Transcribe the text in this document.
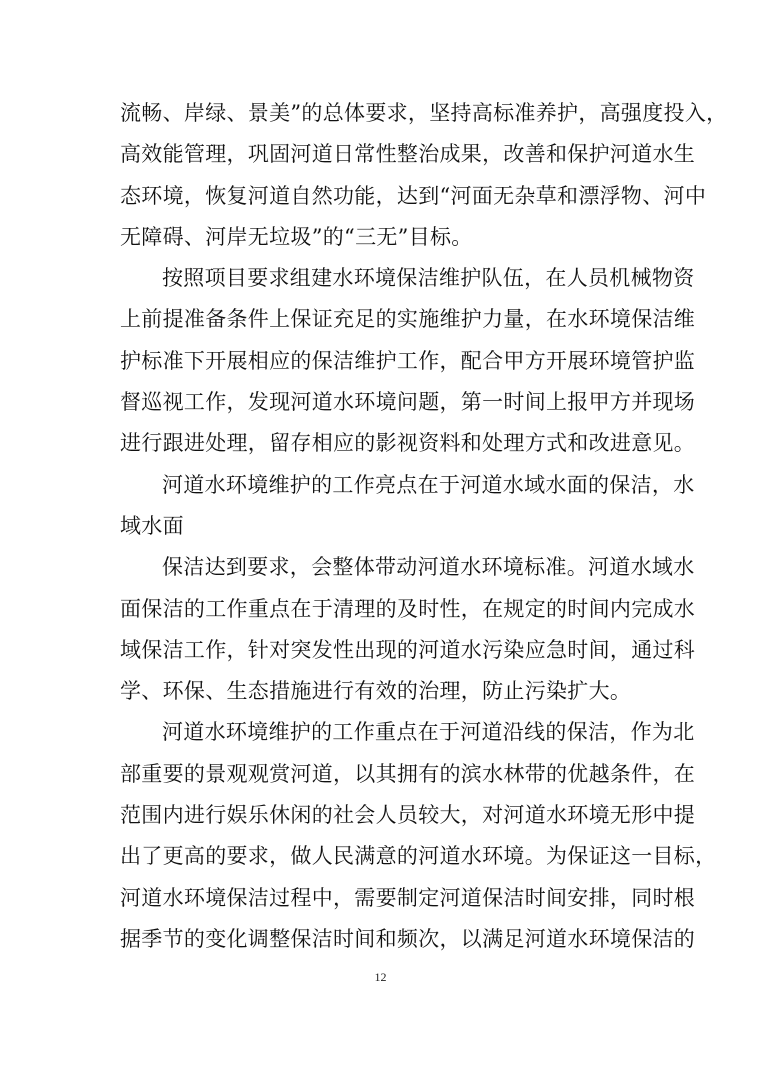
流畅、岸绿、景美”的总体要求，坚持高标准养护，高强度投入，
高效能管理，巩固河道日常性整治成果，改善和保护河道水生
态环境，恢复河道自然功能，达到“河面无杂草和漂浮物、河中
无障碍、河岸无垃圾”的“三无”目标。
按照项目要求组建水环境保洁维护队伍，在人员机械物资
上前提准备条件上保证充足的实施维护力量，在水环境保洁维
护标准下开展相应的保洁维护工作，配合甲方开展环境管护监
督巡视工作，发现河道水环境问题，第一时间上报甲方并现场
进行跟进处理，留存相应的影视资料和处理方式和改进意见。
河道水环境维护的工作亮点在于河道水域水面的保洁，水
域水面
保洁达到要求，会整体带动河道水环境标准。河道水域水
面保洁的工作重点在于清理的及时性，在规定的时间内完成水
域保洁工作，针对突发性出现的河道水污染应急时间，通过科
学、环保、生态措施进行有效的治理，防止污染扩大。
河道水环境维护的工作重点在于河道沿线的保洁，作为北
部重要的景观观赏河道，以其拥有的滨水林带的优越条件，在
范围内进行娱乐休闲的社会人员较大，对河道水环境无形中提
出了更高的要求，做人民满意的河道水环境。为保证这一目标，
河道水环境保洁过程中，需要制定河道保洁时间安排，同时根
据季节的变化调整保洁时间和频次，以满足河道水环境保洁的
12
